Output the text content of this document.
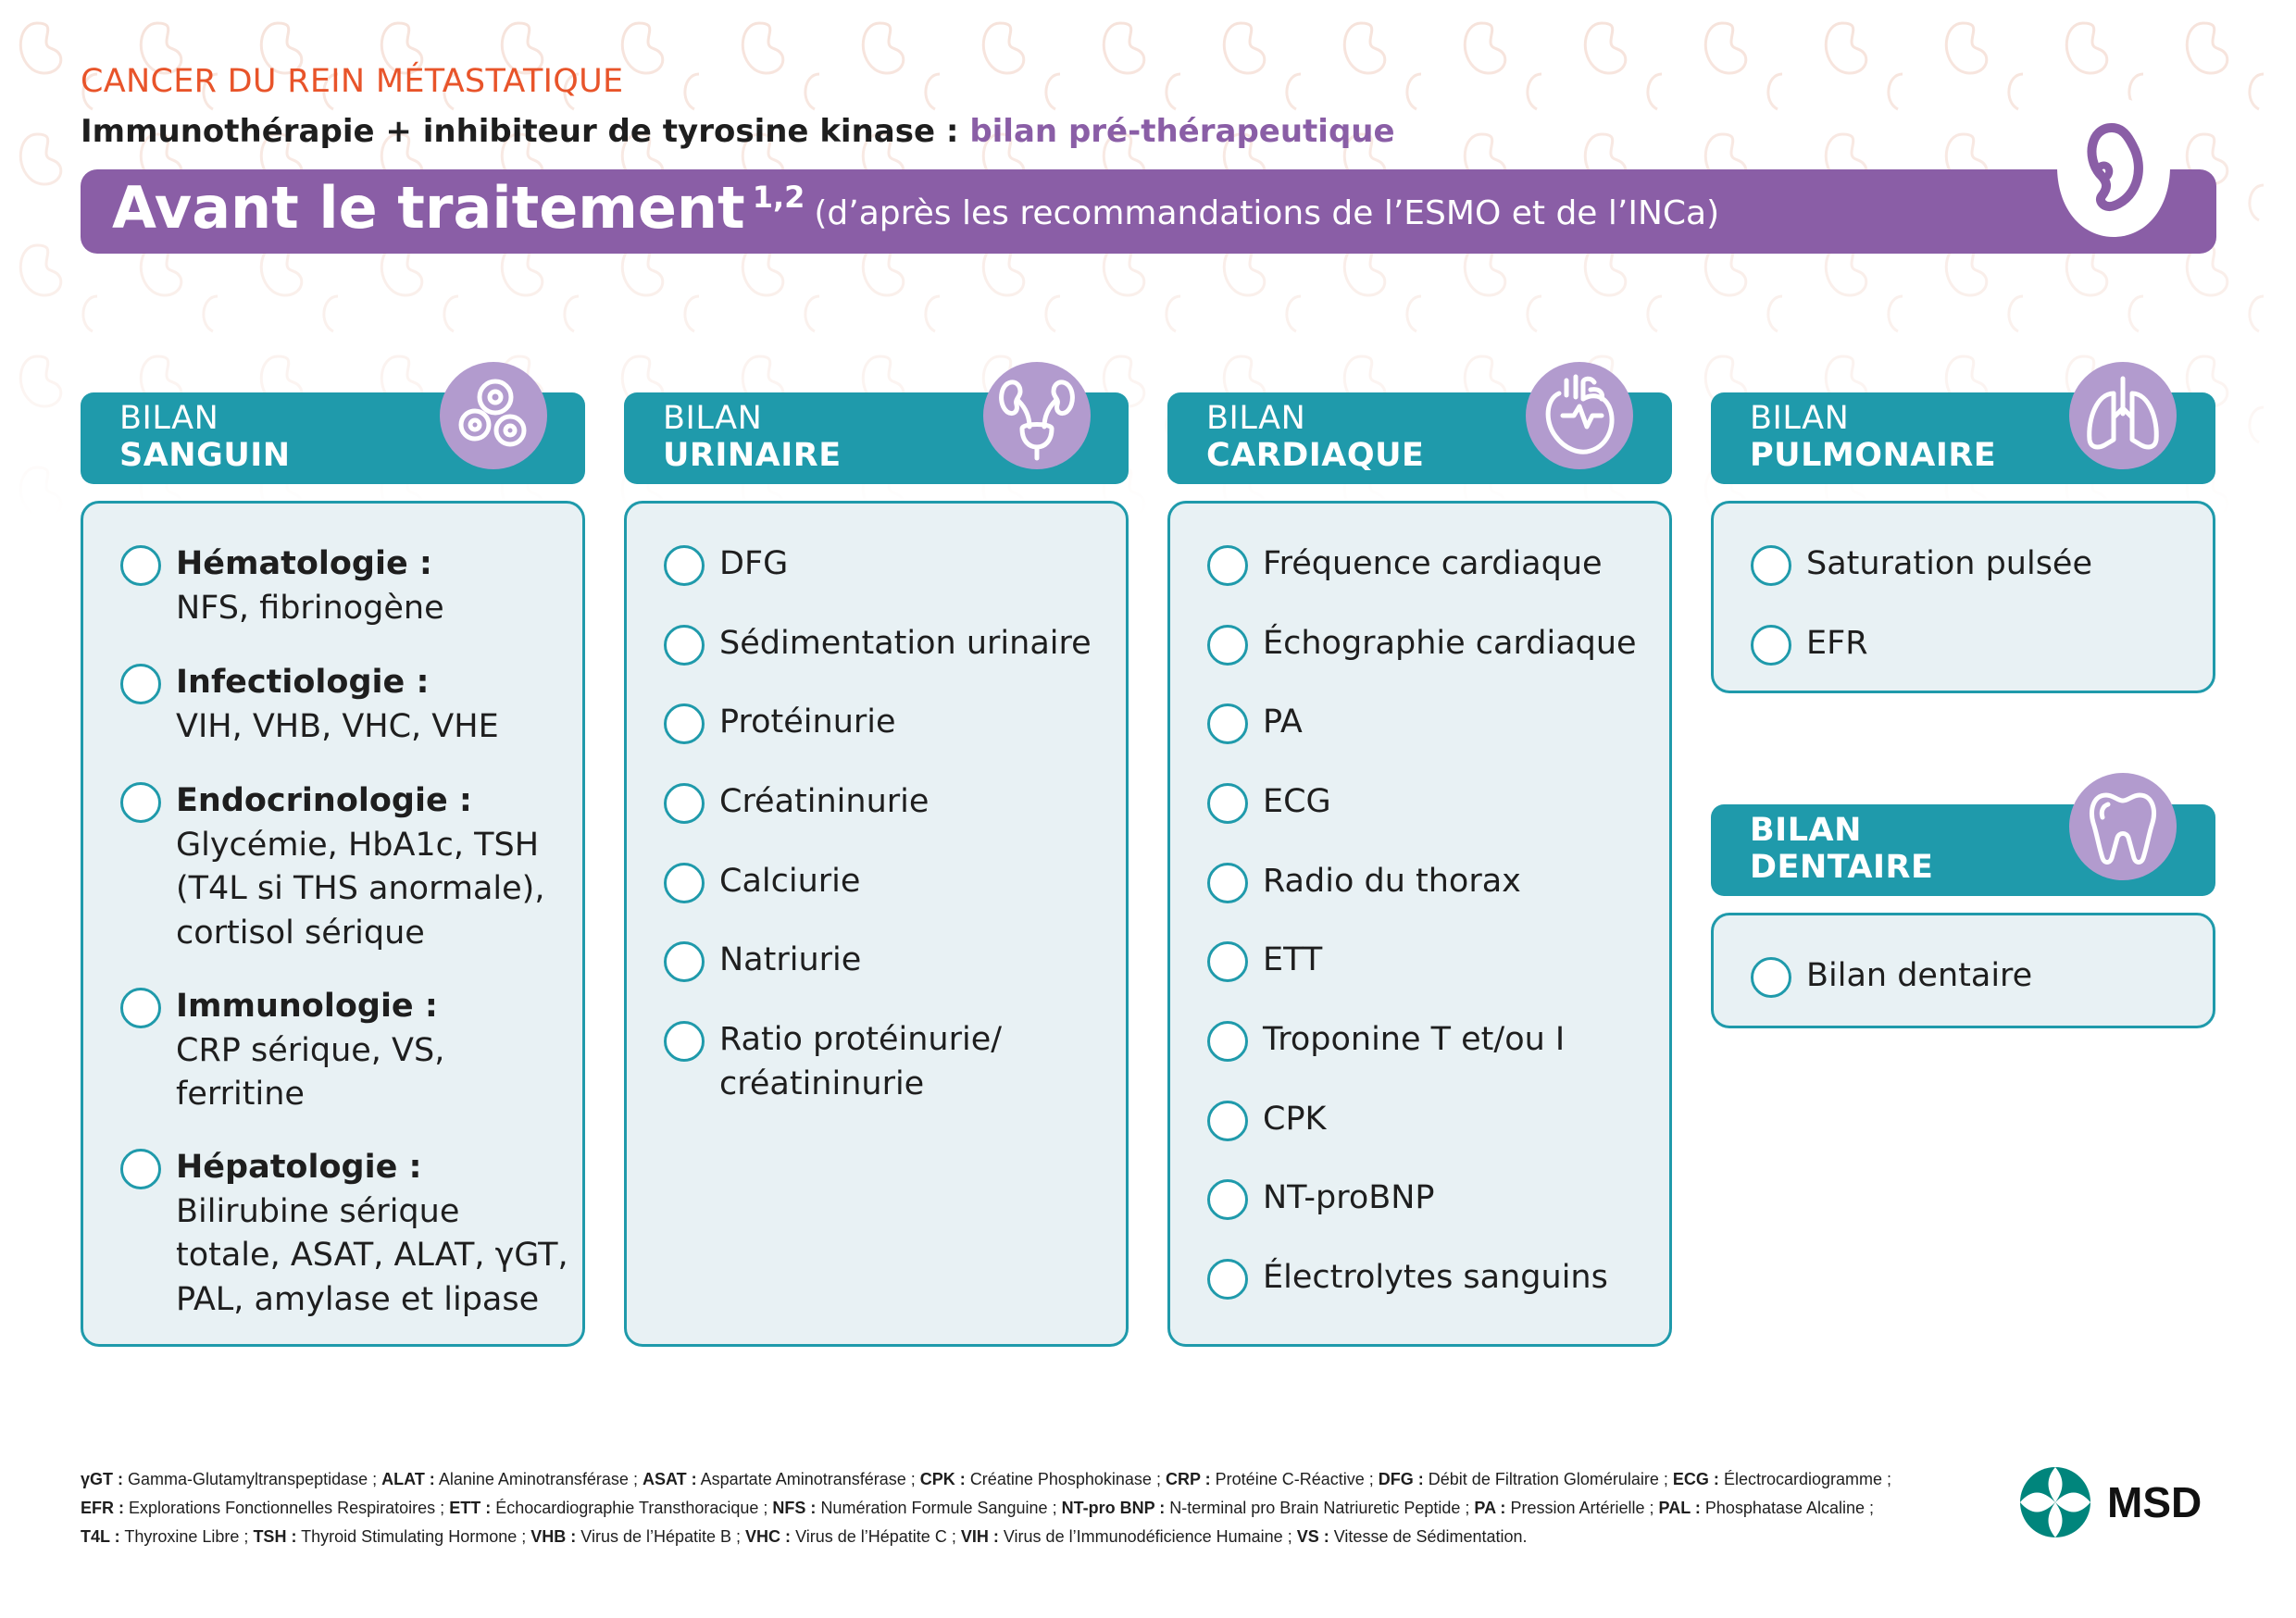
CANCER DU REIN MÉTASTATIQUE
Immunothérapie + inhibiteur de tyrosine kinase : bilan pré-thérapeutique
Avant le traitement $^{1,2}$ (d’après les recommandations de l’ESMO et de l’INCa)
BILAN
SANGUIN
Hématologie :
NFS, fibrinogène
Infectiologie :
VIH, VHB, VHC, VHE
Endocrinologie :
Glycémie, HbA1c, TSH
(T4L si THS anormale),
cortisol sérique
Immunologie :
CRP sérique, VS,
ferritine
Hépatologie :
Bilirubine sérique
totale, ASAT, ALAT, γGT,
PAL, amylase et lipase
BILAN
URINAIRE
DFG
Sédimentation urinaire
Protéinurie
Créatininurie
Calciurie
Natriurie
Ratio protéinurie/
créatininurie
BILAN
CARDIAQUE
Fréquence cardiaque
Échographie cardiaque
PA
ECG
Radio du thorax
ETT
Troponine T et/ou I
CPK
NT-proBNP
Électrolytes sanguins
BILAN
PULMONAIRE
Saturation pulsée
EFR
BILAN
DENTAIRE
Bilan dentaire

γGT : Gamma-Glutamyltranspeptidase ; ALAT : Alanine Aminotransférase ; ASAT : Aspartate Aminotransférase ; CPK : Créatine Phosphokinase ; CRP : Protéine C-Réactive ; DFG : Débit de Filtration Glomérulaire ; ECG : Électrocardiogramme ;

EFR : Explorations Fonctionnelles Respiratoires ; ETT : Échocardiographie Transthoracique ; NFS : Numération Formule Sanguine ; NT-pro BNP : N-terminal pro Brain Natriuretic Peptide ; PA : Pression Artérielle ; PAL : Phosphatase Alcaline ;

T4L : Thyroxine Libre ; TSH : Thyroid Stimulating Hormone ; VHB : Virus de l’Hépatite B ; VHC : Virus de l’Hépatite C ; VIH : Virus de l’Immunodéficience Humaine ; VS : Vitesse de Sédimentation.

MSD
